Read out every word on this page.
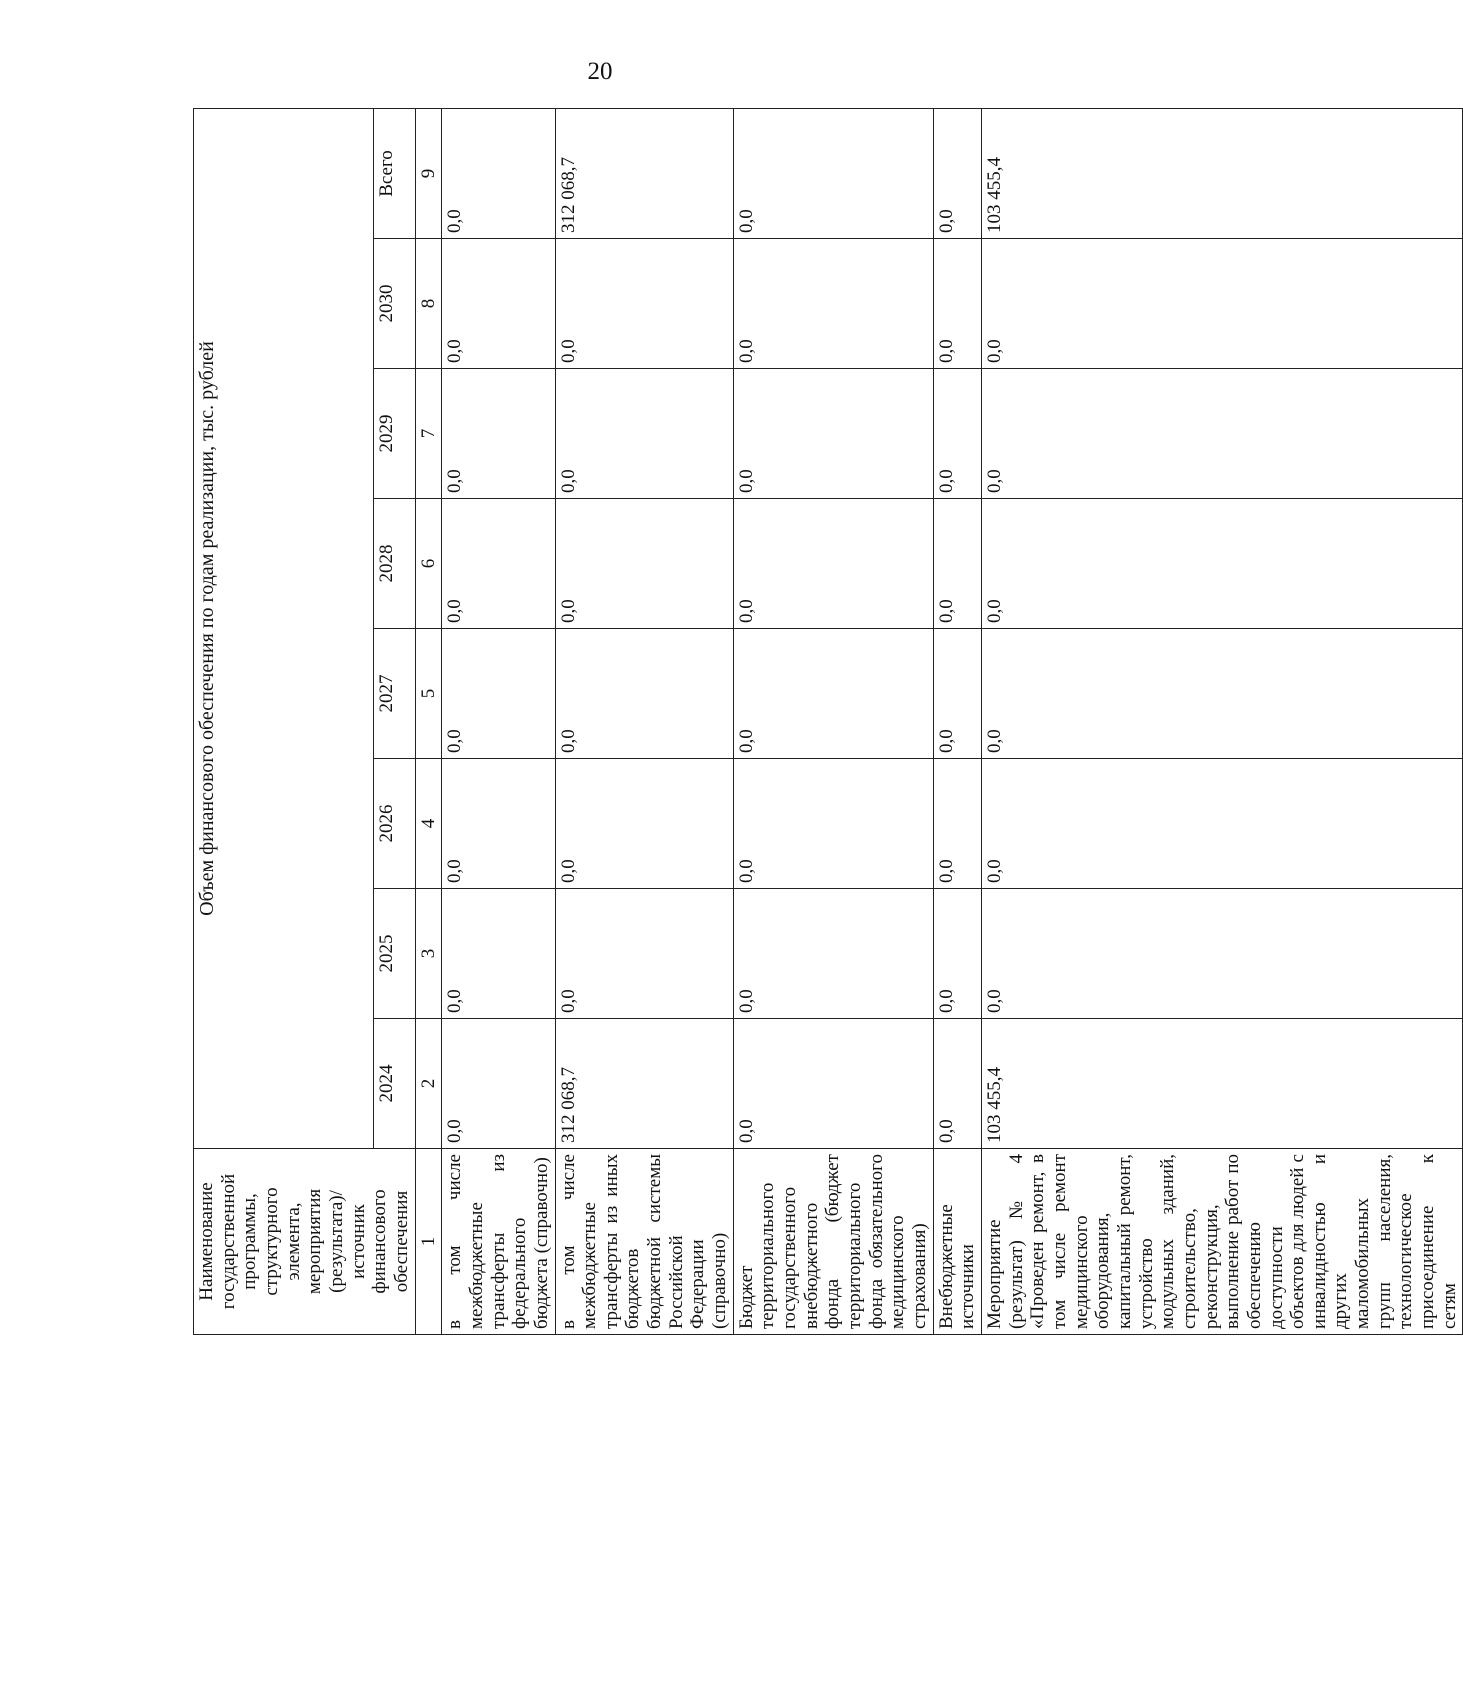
20
Наименование государственной программы, структурного элемента, мероприятия (результата)/источник финансового обеспечения	Объем финансового обеспечения по годам реализации, тыс. рублей							
	2024	2025	2026	2027	2028	2029	2030	Всего
1	2	3	4	5	6	7	8	9
в том числе межбюджетные трансферты из федерального бюджета (справочно)	0,0	0,0	0,0	0,0	0,0	0,0	0,0	0,0
в том числе межбюджетные трансферты из иных бюджетов бюджетной системы Российской Федерации (справочно)	312 068,7	0,0	0,0	0,0	0,0	0,0	0,0	312 068,7
Бюджет территориального государственного внебюджетного фонда (бюджет территориального фонда обязательного медицинского страхования)	0,0	0,0	0,0	0,0	0,0	0,0	0,0	0,0
Внебюджетные источники	0,0	0,0	0,0	0,0	0,0	0,0	0,0	0,0
Мероприятие (результат) № 4 «Проведен ремонт, в том числе ремонт медицинского оборудования, капитальный ремонт, устройство модульных зданий, строительство, реконструкция, выполнение работ по обеспечению доступности объектов для людей с инвалидностью и других маломобильных групп населения, технологическое присоединение к сетям	103 455,4	0,0	0,0	0,0	0,0	0,0	0,0	103 455,4
